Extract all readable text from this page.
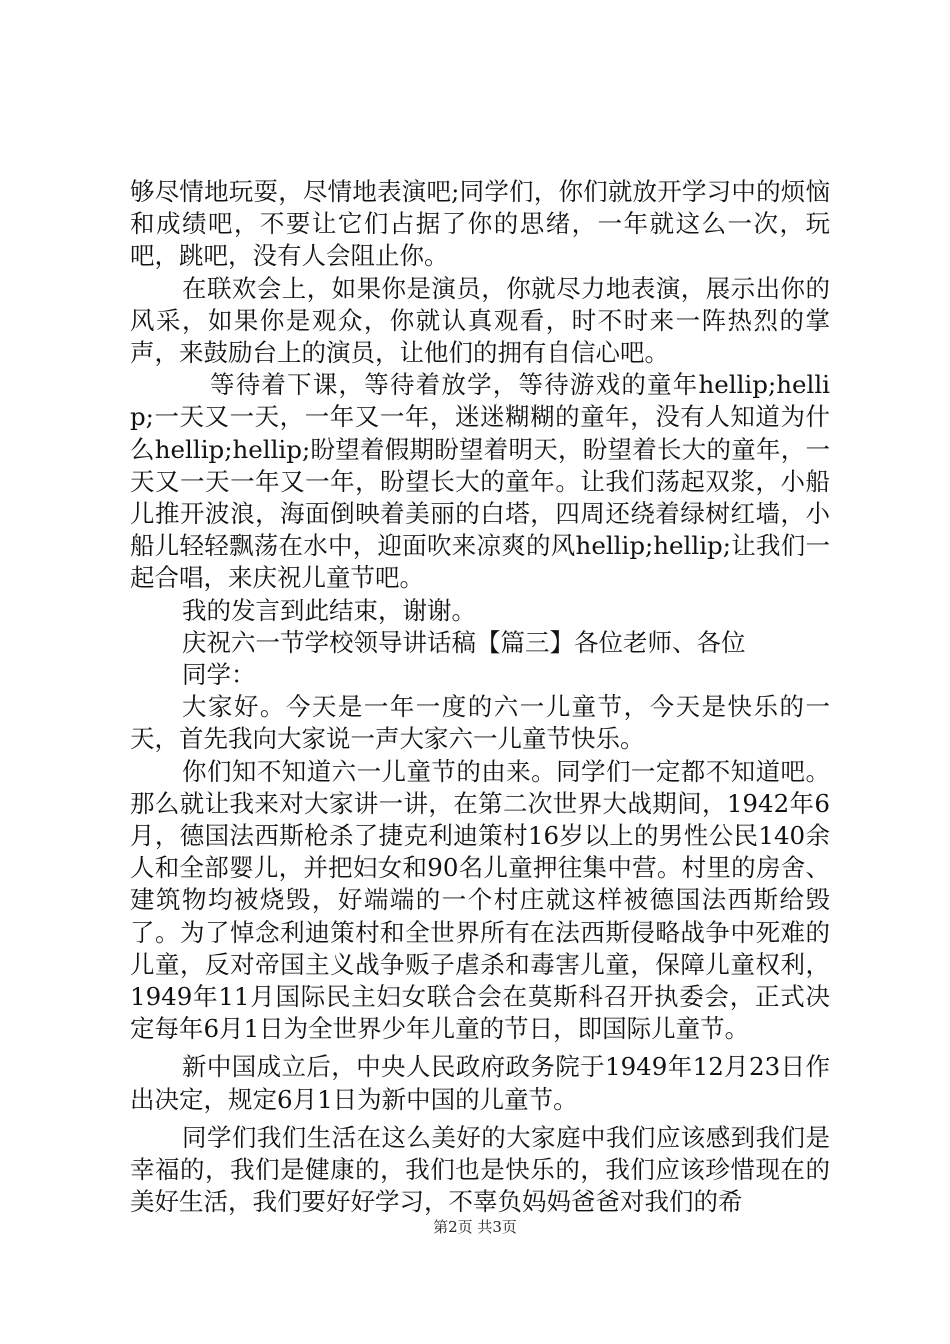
够尽情地玩耍，尽情地表演吧;同学们，你们就放开学习中的烦恼和成绩吧，不要让它们占据了你的思绪，一年就这么一次，玩吧，跳吧，没有人会阻止你。

在联欢会上，如果你是演员，你就尽力地表演，展示出你的风采，如果你是观众，你就认真观看，时不时来一阵热烈的掌声，来鼓励台上的演员，让他们的拥有自信心吧。

等待着下课，等待着放学，等待游戏的童年hellip;hellip;一天又一天，一年又一年，迷迷糊糊的童年，没有人知道为什么hellip;hellip;盼望着假期盼望着明天，盼望着长大的童年，一天又一天一年又一年，盼望长大的童年。让我们荡起双浆，小船儿推开波浪，海面倒映着美丽的白塔，四周还绕着绿树红墙，小船儿轻轻飘荡在水中，迎面吹来凉爽的风hellip;hellip;让我们一起合唱，来庆祝儿童节吧。

我的发言到此结束，谢谢。

庆祝六一节学校领导讲话稿【篇三】各位老师、各位

同学：

大家好。今天是一年一度的六一儿童节，今天是快乐的一天，首先我向大家说一声大家六一儿童节快乐。

你们知不知道六一儿童节的由来。同学们一定都不知道吧。那么就让我来对大家讲一讲，在第二次世界大战期间，1942年6月，德国法西斯枪杀了捷克利迪策村16岁以上的男性公民140余人和全部婴儿，并把妇女和90名儿童押往集中营。村里的房舍、建筑物均被烧毁，好端端的一个村庄就这样被德国法西斯给毁了。为了悼念利迪策村和全世界所有在法西斯侵略战争中死难的儿童，反对帝国主义战争贩子虐杀和毒害儿童，保障儿童权利，1949年11月国际民主妇女联合会在莫斯科召开执委会，正式决定每年6月1日为全世界少年儿童的节日，即国际儿童节。

新中国成立后，中央人民政府政务院于1949年12月23日作出决定，规定6月1日为新中国的儿童节。

同学们我们生活在这么美好的大家庭中我们应该感到我们是幸福的，我们是健康的，我们也是快乐的，我们应该珍惜现在的美好生活，我们要好好学习，不辜负妈妈爸爸对我们的希

第2页 共3页
